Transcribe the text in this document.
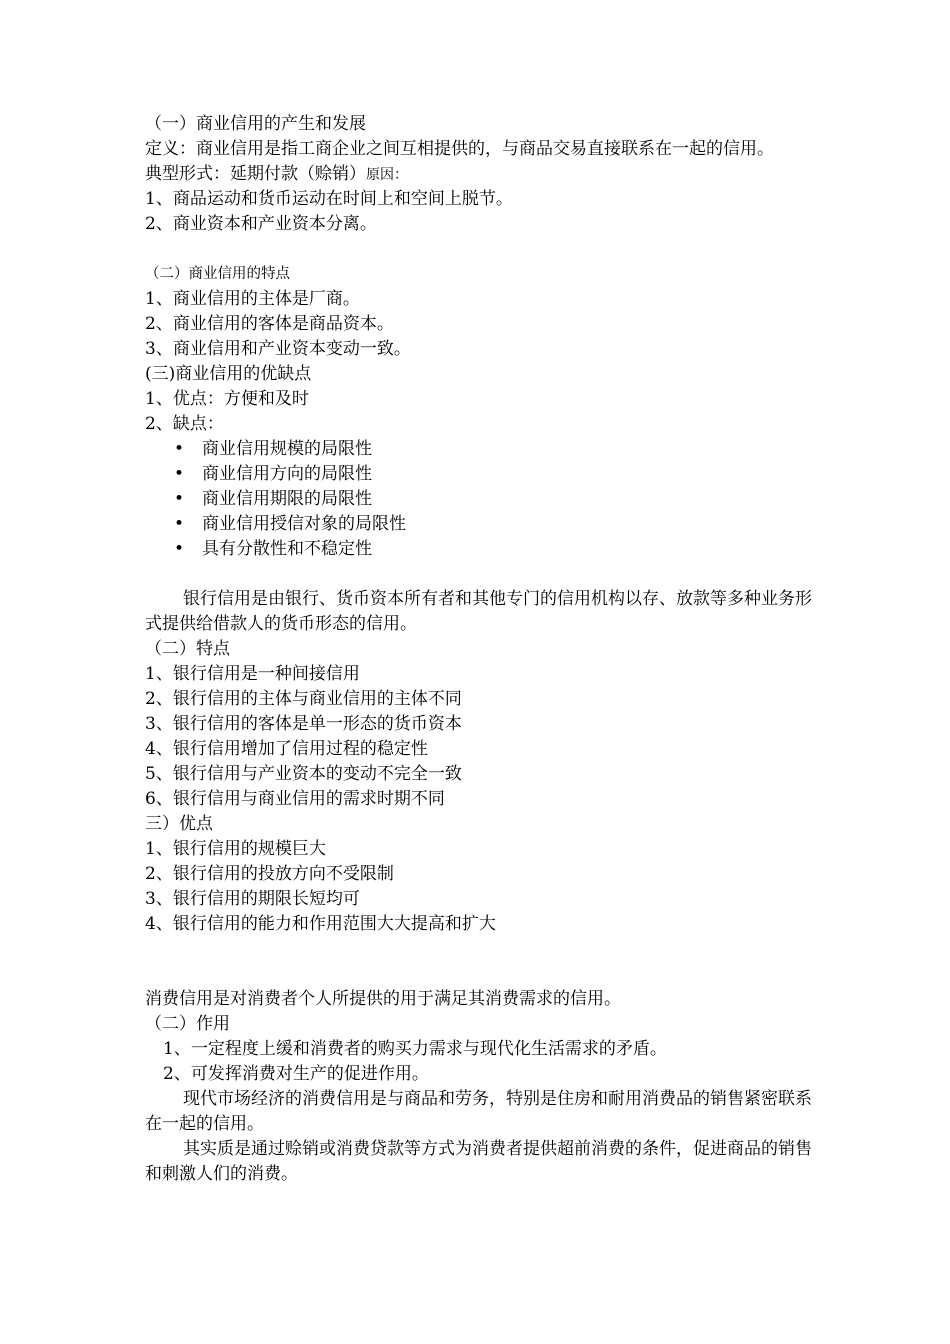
（一）商业信用的产生和发展
定义：商业信用是指工商企业之间互相提供的，与商品交易直接联系在一起的信用。
典型形式：延期付款（赊销）原因：
1、商品运动和货币运动在时间上和空间上脱节。
2、商业资本和产业资本分离。
（二）商业信用的特点
1、商业信用的主体是厂商。
2、商业信用的客体是商品资本。
3、商业信用和产业资本变动一致。
(三)商业信用的优缺点
1、优点：方便和及时
2、缺点：
• 商业信用规模的局限性
• 商业信用方向的局限性
• 商业信用期限的局限性
• 商业信用授信对象的局限性
• 具有分散性和不稳定性
银行信用是由银行、货币资本所有者和其他专门的信用机构以存、放款等多种业务形式提供给借款人的货币形态的信用。
（二）特点
1、银行信用是一种间接信用
2、银行信用的主体与商业信用的主体不同
3、银行信用的客体是单一形态的货币资本
4、银行信用增加了信用过程的稳定性
5、银行信用与产业资本的变动不完全一致
6、银行信用与商业信用的需求时期不同
三）优点
1、银行信用的规模巨大
2、银行信用的投放方向不受限制
3、银行信用的期限长短均可
4、银行信用的能力和作用范围大大提高和扩大
消费信用是对消费者个人所提供的用于满足其消费需求的信用。
（二）作用
1、一定程度上缓和消费者的购买力需求与现代化生活需求的矛盾。
2、可发挥消费对生产的促进作用。
现代市场经济的消费信用是与商品和劳务，特别是住房和耐用消费品的销售紧密联系在一起的信用。
其实质是通过赊销或消费贷款等方式为消费者提供超前消费的条件，促进商品的销售和刺激人们的消费。
